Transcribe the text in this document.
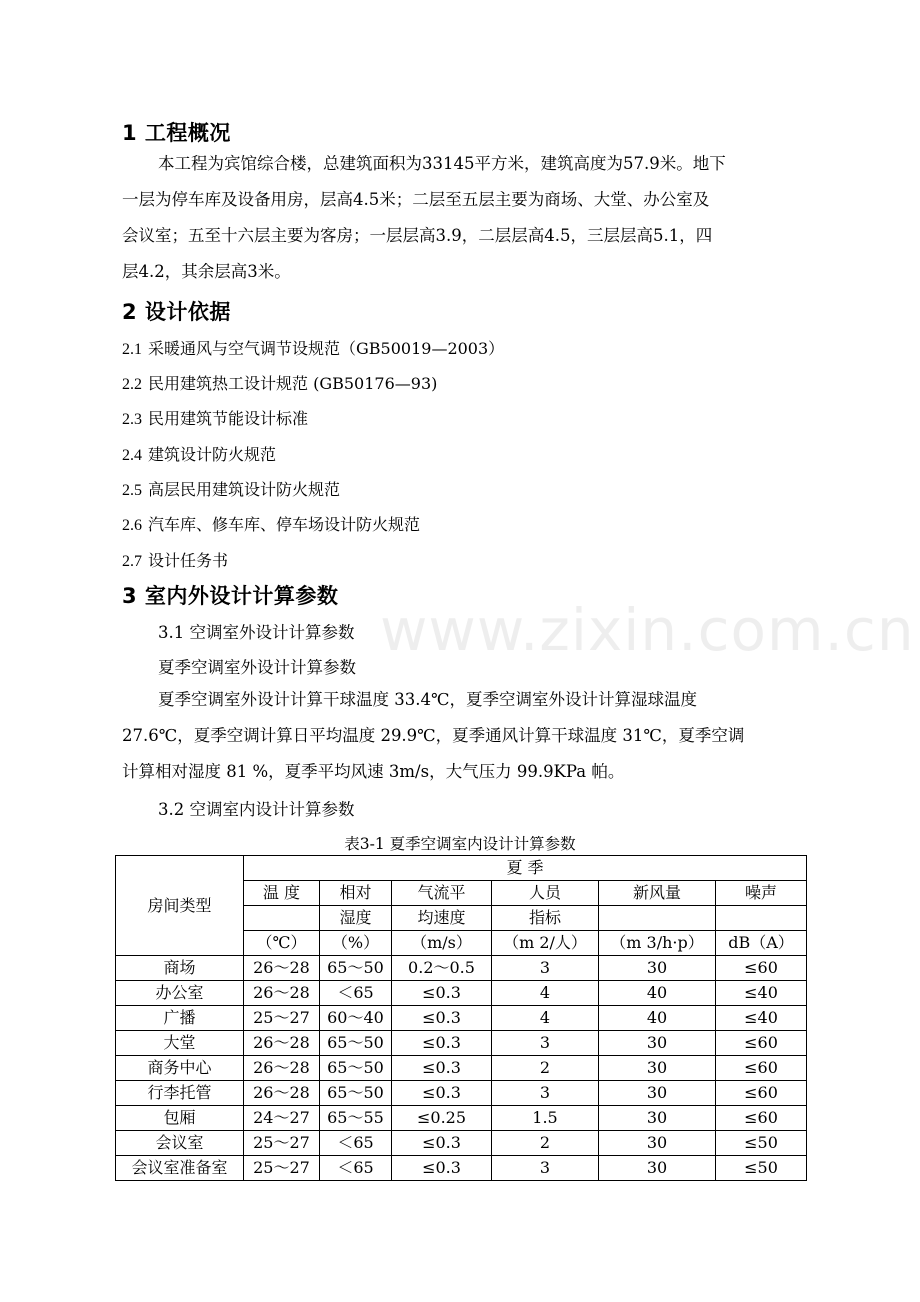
www.zixin.com.cn
1 工程概况

本工程为宾馆综合楼，总建筑面积为33145平方米，建筑高度为57.9米。地下

一层为停车库及设备用房，层高4.5米；二层至五层主要为商场、大堂、办公室及

会议室；五至十六层主要为客房；一层层高3.9，二层层高4.5，三层层高5.1，四

层4.2，其余层高3米。

2 设计依据
2.1 采暖通风与空气调节设规范（GB50019—2003）
2.2 民用建筑热工设计规范 (GB50176—93)
2.3 民用建筑节能设计标准
2.4 建筑设计防火规范
2.5 高层民用建筑设计防火规范
2.6 汽车库、修车库、停车场设计防火规范
2.7 设计任务书
3 室内外设计计算参数
3.1 空调室外设计计算参数
夏季空调室外设计计算参数

夏季空调室外设计计算干球温度 33.4℃，夏季空调室外设计计算湿球温度

27.6℃，夏季空调计算日平均温度 29.9℃，夏季通风计算干球温度 31℃，夏季空调

计算相对湿度 81 %，夏季平均风速 3m/s，大气压力 99.9KPa 帕。

3.2 空调室内设计计算参数
表3-1 夏季空调室内设计计算参数
房间类型	夏 季					
	温 度	相对	气流平	人员	新风量	噪声
		湿度	均速度	指标		
	（℃）	（%）	（m/s）	（m 2/人）	（m 3/h·p）	dB（A）
商场	26～28	65～50	0.2～0.5	3	30	≤60
办公室	26～28	＜65	≤0.3	4	40	≤40
广播	25～27	60～40	≤0.3	4	40	≤40
大堂	26～28	65～50	≤0.3	3	30	≤60
商务中心	26～28	65～50	≤0.3	2	30	≤60
行李托管	26～28	65～50	≤0.3	3	30	≤60
包厢	24～27	65～55	≤0.25	1.5	30	≤60
会议室	25～27	＜65	≤0.3	2	30	≤50
会议室准备室	25～27	＜65	≤0.3	3	30	≤50
